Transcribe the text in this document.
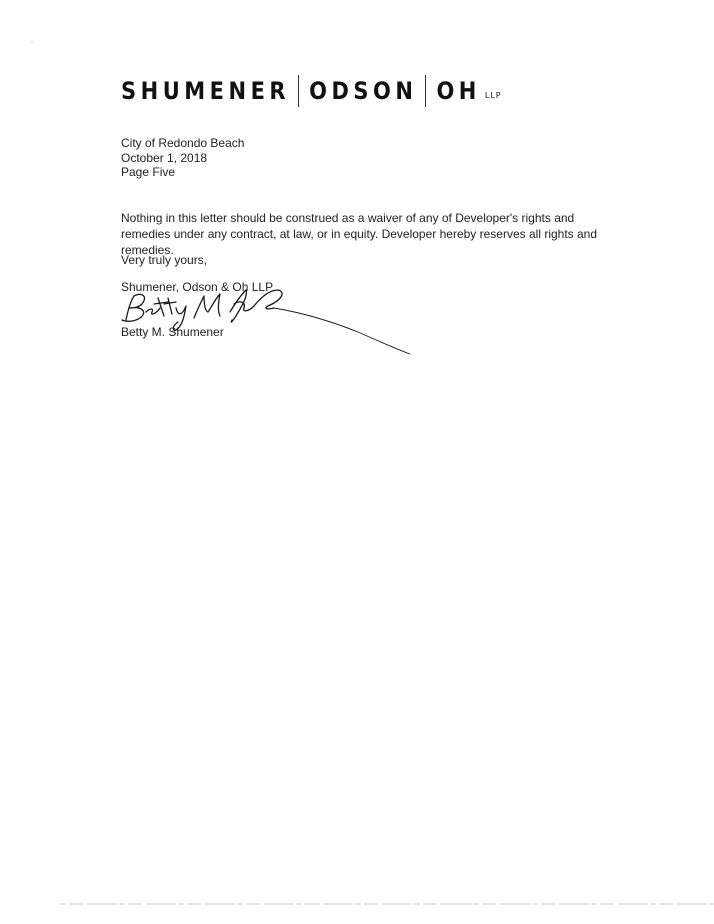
SHUMENER ODSON OH LLP
City of Redondo Beach
October 1, 2018
Page Five
Nothing in this letter should be construed as a waiver of any of Developer's rights and remedies under any contract, at law, or in equity. Developer hereby reserves all rights and remedies.
Very truly yours,
Shumener, Odson & Oh LLP
Betty M. Shumener
